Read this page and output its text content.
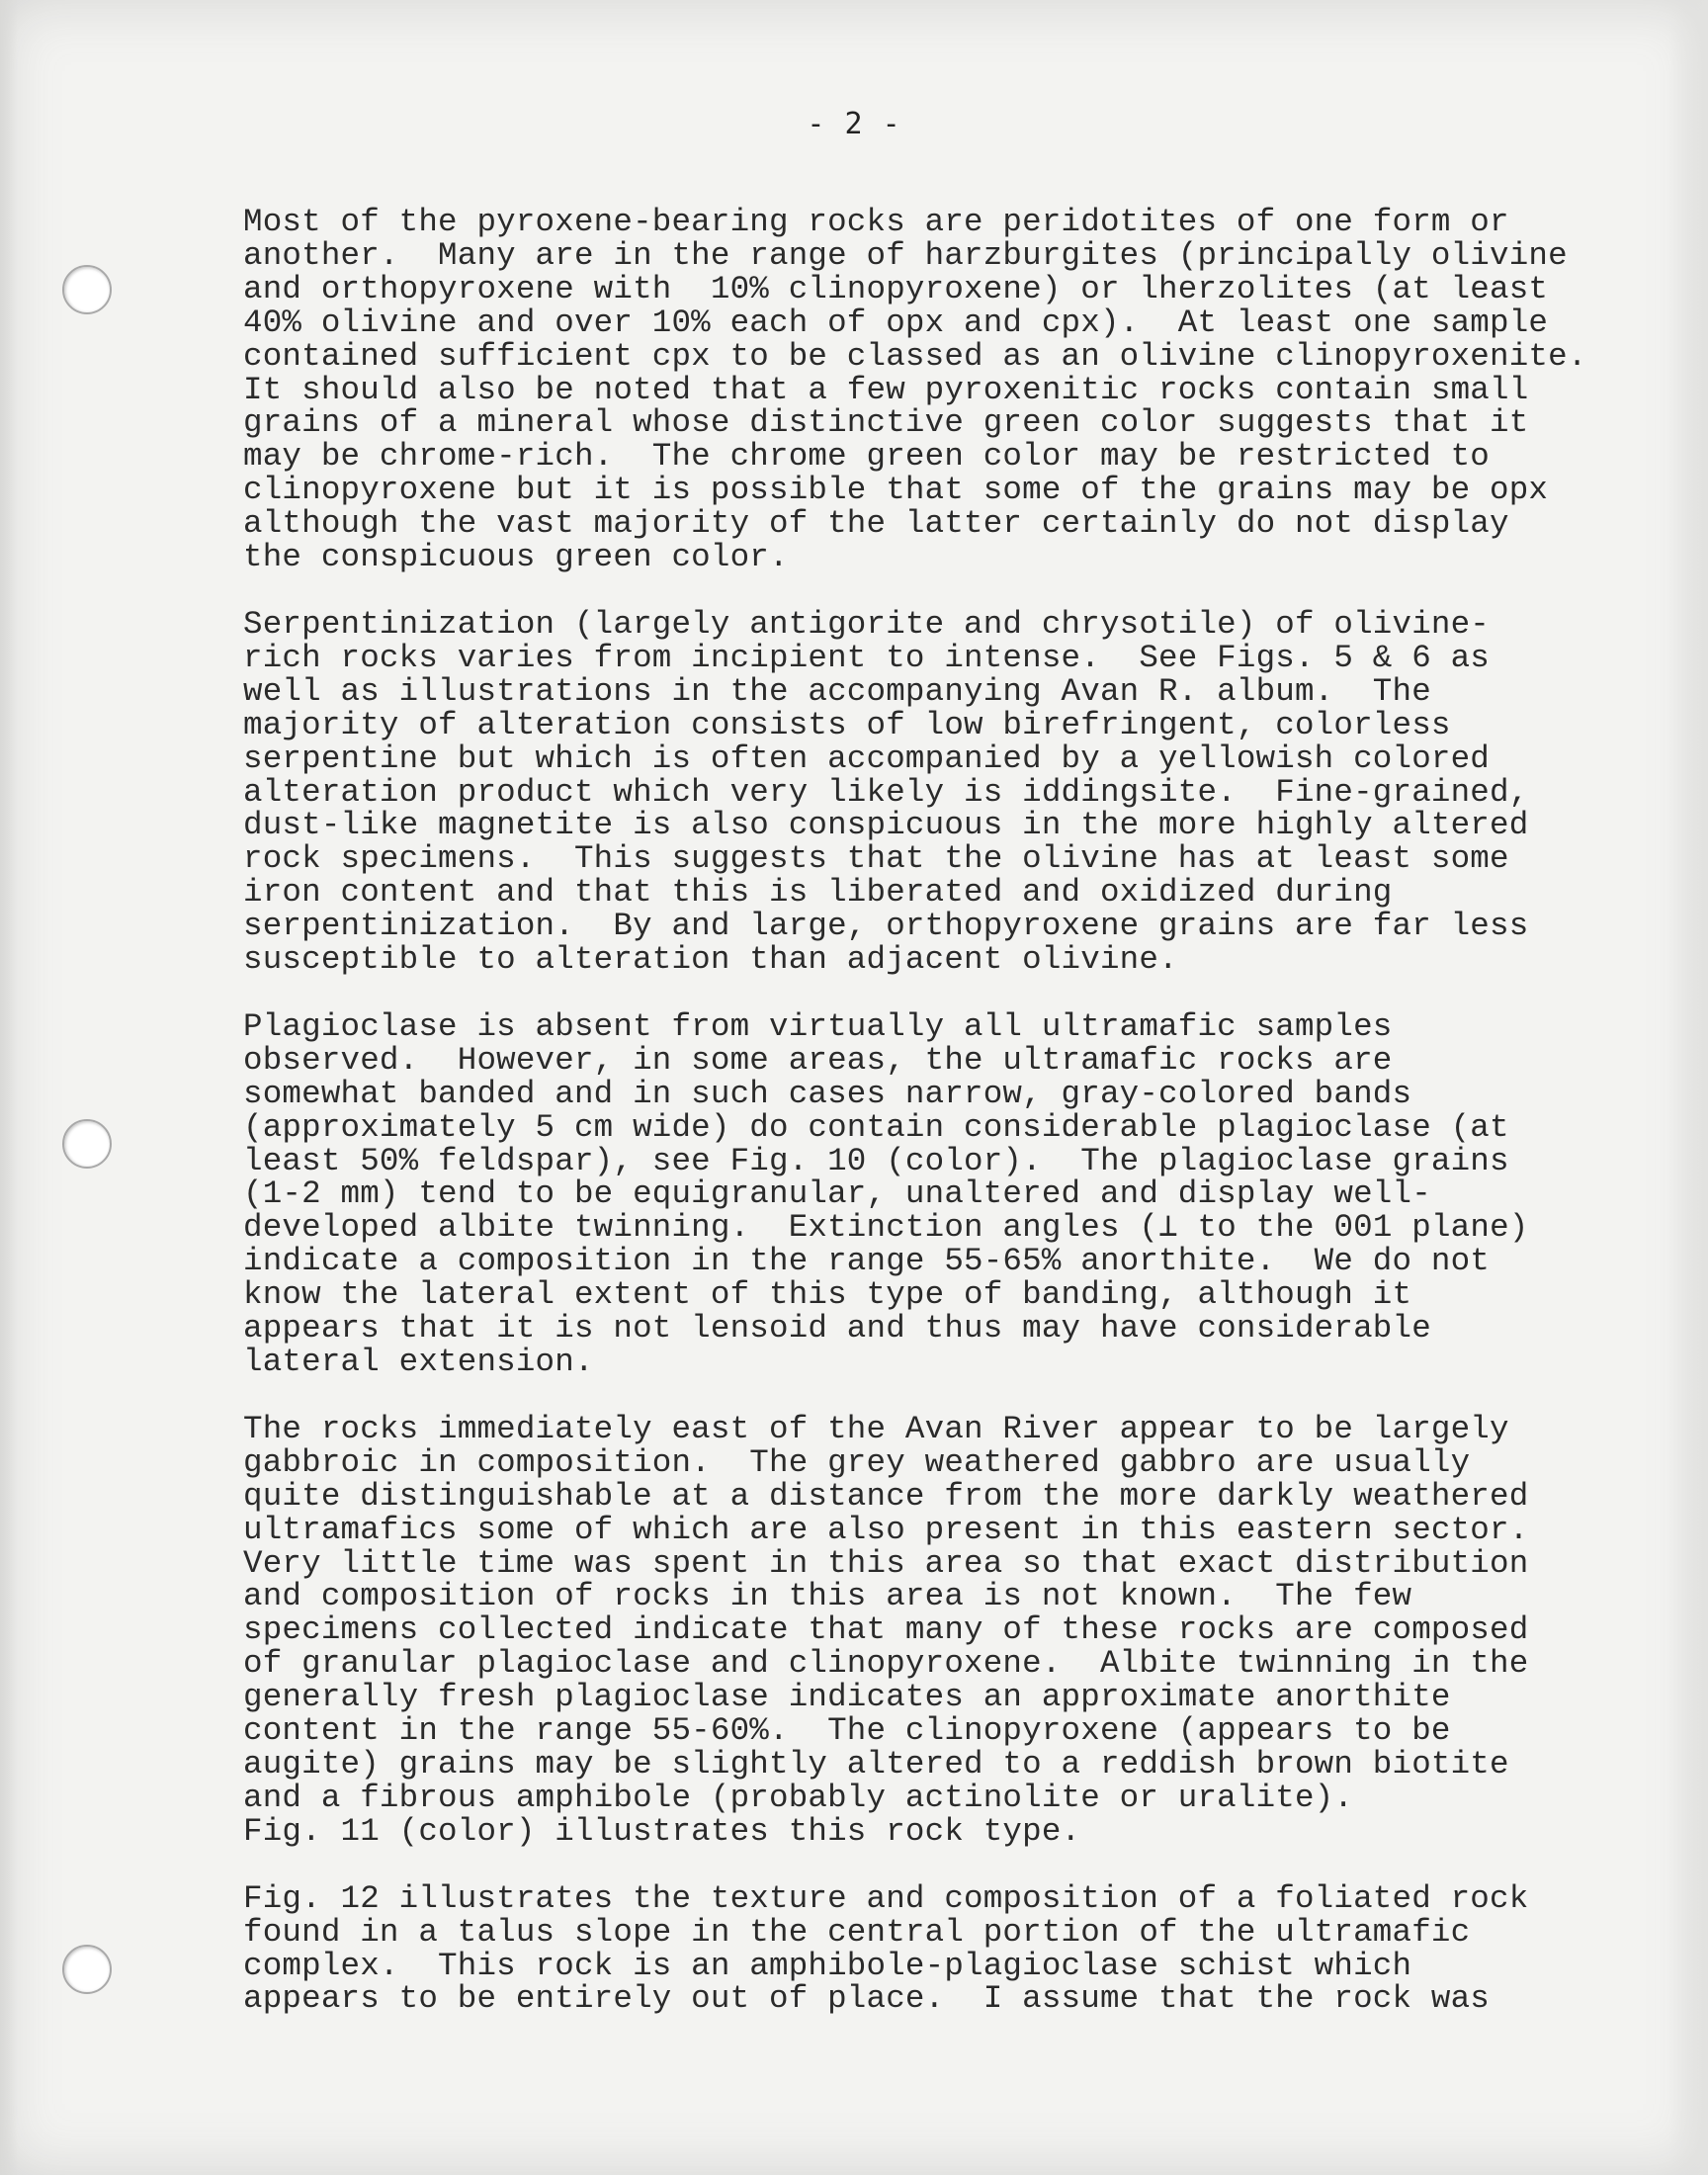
- 2 -
Most of the pyroxene-bearing rocks are peridotites of one form or
another.  Many are in the range of harzburgites (principally olivine
and orthopyroxene with  10% clinopyroxene) or lherzolites (at least
40% olivine and over 10% each of opx and cpx).  At least one sample
contained sufficient cpx to be classed as an olivine clinopyroxenite.
It should also be noted that a few pyroxenitic rocks contain small
grains of a mineral whose distinctive green color suggests that it
may be chrome-rich.  The chrome green color may be restricted to
clinopyroxene but it is possible that some of the grains may be opx
although the vast majority of the latter certainly do not display
the conspicuous green color.
Serpentinization (largely antigorite and chrysotile) of olivine-
rich rocks varies from incipient to intense.  See Figs. 5 & 6 as
well as illustrations in the accompanying Avan R. album.  The
majority of alteration consists of low birefringent, colorless
serpentine but which is often accompanied by a yellowish colored
alteration product which very likely is iddingsite.  Fine-grained,
dust-like magnetite is also conspicuous in the more highly altered
rock specimens.  This suggests that the olivine has at least some
iron content and that this is liberated and oxidized during
serpentinization.  By and large, orthopyroxene grains are far less
susceptible to alteration than adjacent olivine.
Plagioclase is absent from virtually all ultramafic samples
observed.  However, in some areas, the ultramafic rocks are
somewhat banded and in such cases narrow, gray-colored bands
(approximately 5 cm wide) do contain considerable plagioclase (at
least 50% feldspar), see Fig. 10 (color).  The plagioclase grains
(1-2 mm) tend to be equigranular, unaltered and display well-
developed albite twinning.  Extinction angles (⊥ to the 001 plane)
indicate a composition in the range 55-65% anorthite.  We do not
know the lateral extent of this type of banding, although it
appears that it is not lensoid and thus may have considerable
lateral extension.
The rocks immediately east of the Avan River appear to be largely
gabbroic in composition.  The grey weathered gabbro are usually
quite distinguishable at a distance from the more darkly weathered
ultramafics some of which are also present in this eastern sector.
Very little time was spent in this area so that exact distribution
and composition of rocks in this area is not known.  The few
specimens collected indicate that many of these rocks are composed
of granular plagioclase and clinopyroxene.  Albite twinning in the
generally fresh plagioclase indicates an approximate anorthite
content in the range 55-60%.  The clinopyroxene (appears to be
augite) grains may be slightly altered to a reddish brown biotite
and a fibrous amphibole (probably actinolite or uralite).
Fig. 11 (color) illustrates this rock type.
Fig. 12 illustrates the texture and composition of a foliated rock
found in a talus slope in the central portion of the ultramafic
complex.  This rock is an amphibole-plagioclase schist which
appears to be entirely out of place.  I assume that the rock was
